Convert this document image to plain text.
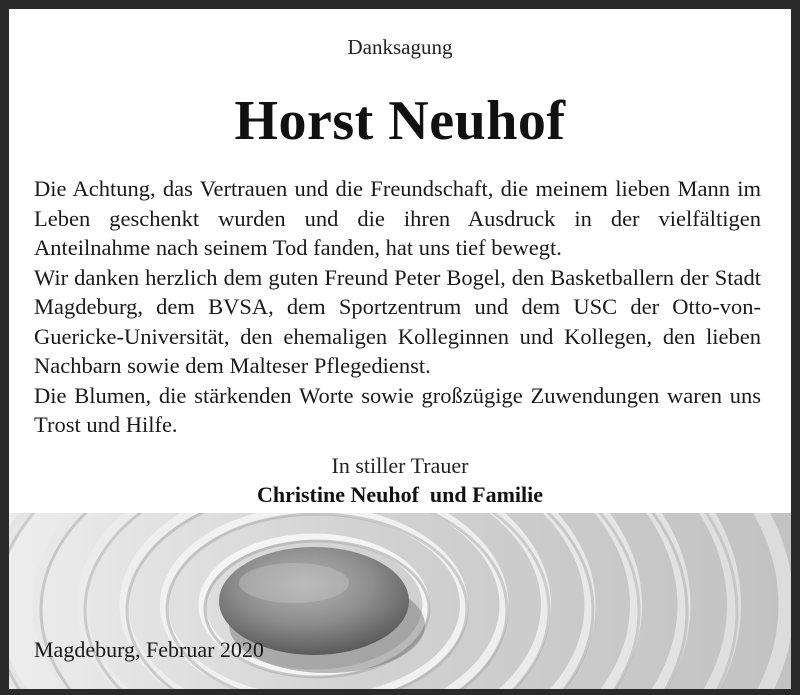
Danksagung
Horst Neuhof

Die Achtung, das Vertrauen und die Freundschaft, die meinem lieben Mann im Leben geschenkt wurden und die ihren Ausdruck in der vielfältigen Anteilnahme nach seinem Tod fanden, hat uns tief bewegt.

Wir danken herzlich dem guten Freund Peter Bogel, den Basketballern der Stadt Magdeburg, dem BVSA, dem Sportzentrum und dem USC der Otto-von-Guericke-Universität, den ehemaligen Kolleginnen und Kollegen, den lieben Nachbarn sowie dem Malteser Pflegedienst.

Die Blumen, die stärkenden Worte sowie großzügige Zuwendungen waren uns Trost und Hilfe.

In stiller Trauer
Christine Neuhof  und Familie
Magdeburg, Februar 2020
